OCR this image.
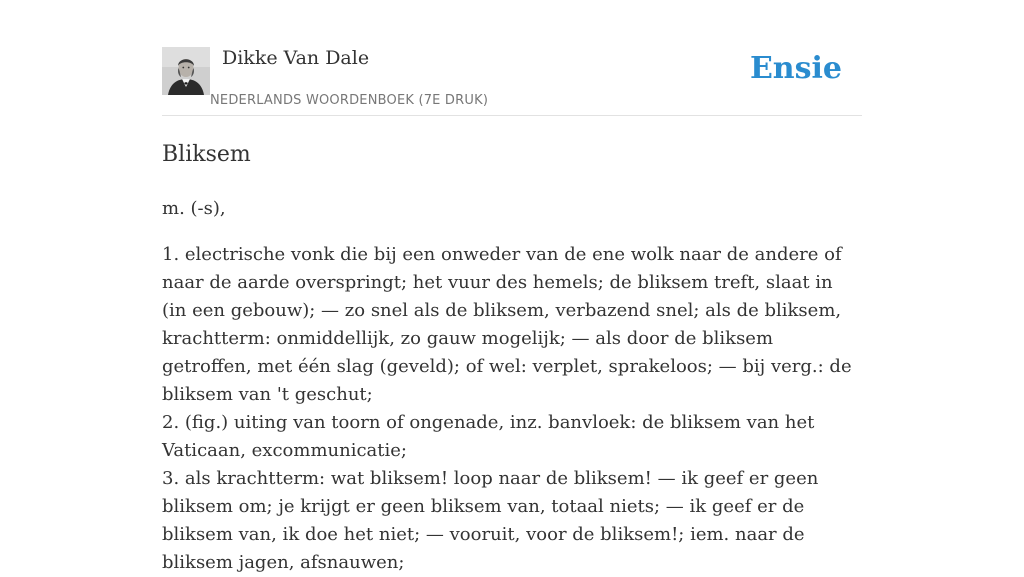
Dikke Van Dale
NEDERLANDS WOORDENBOEK (7E DRUK)
Ensie
Bliksem

m. (-s),

1. electrische vonk die bij een onweder van de ene wolk naar de andere of naar de aarde overspringt; het vuur des hemels; de bliksem treft, slaat in (in een gebouw); — zo snel als de bliksem, verbazend snel; als de bliksem, krachtterm: onmiddellijk, zo gauw mogelijk; — als door de bliksem getroffen, met één slag (geveld); of wel: verplet, sprakeloos; — bij verg.: de bliksem van 't geschut;
2. (fig.) uiting van toorn of ongenade, inz. banvloek: de bliksem van het Vaticaan, excommunicatie;
3. als krachtterm: wat bliksem! loop naar de bliksem! — ik geef er geen bliksem om; je krijgt er geen bliksem van, totaal niets; — ik geef er de bliksem van, ik doe het niet; — vooruit, voor de bliksem!; iem. naar de bliksem jagen, afsnauwen;
